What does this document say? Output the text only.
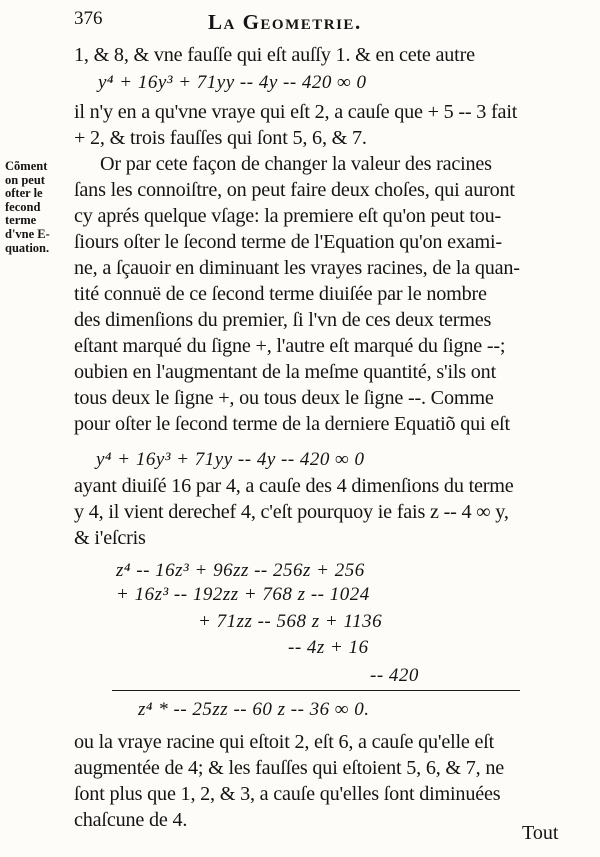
376	La Geometrie.
1, & 8, & vne fauſſe qui eſt auſſy 1. & en cete autre
y⁴ + 16y³ + 71yy -- 4y -- 420 ∞ 0
il n'y en a qu'vne vraye qui eſt 2, a cauſe que + 5 -- 3 fait
+ 2, & trois fauſſes qui ſont 5, 6, & 7.
Cõment
on peut
ofter le
fecond
terme
d'vne E-
quation.
Or par cete façon de changer la valeur des racines
ſans les connoiſtre, on peut faire deux choſes, qui auront
cy aprés quelque vſage: la premiere eſt qu'on peut tou-
ſiours oſter le ſecond terme de l'Equation qu'on exami-
ne, a ſçauoir en diminuant les vrayes racines, de la quan-
tité connuë de ce ſecond terme diuiſée par le nombre
des dimenſions du premier, ſi l'vn de ces deux termes
eſtant marqué du ſigne +, l'autre eſt marqué du ſigne --;
oubien en l'augmentant de la meſme quantité, s'ils ont
tous deux le ſigne +, ou tous deux le ſigne --. Comme
pour oſter le ſecond terme de la derniere Equatiõ qui eſt
y⁴ + 16y³ + 71yy -- 4y -- 420 ∞ 0
ayant diuiſé 16 par 4, a cauſe des 4 dimenſions du terme
y 4, il vient derechef 4, c'eſt pourquoy ie fais z -- 4 ∞ y,
& i'eſcris
z⁴ -- 16z³ + 96zz -- 256z + 256
+ 16z³ -- 192zz + 768 z -- 1024
+ 71zz -- 568 z + 1136
-- 4z + 16
-- 420
z⁴ * -- 25zz -- 60 z -- 36 ∞ 0.
ou la vraye racine qui eſtoit 2, eſt 6, a cauſe qu'elle eſt
augmentée de 4; & les fauſſes qui eſtoient 5, 6, & 7, ne
ſont plus que 1, 2, & 3, a cauſe qu'elles ſont diminuées
chaſcune de 4.
Tout
